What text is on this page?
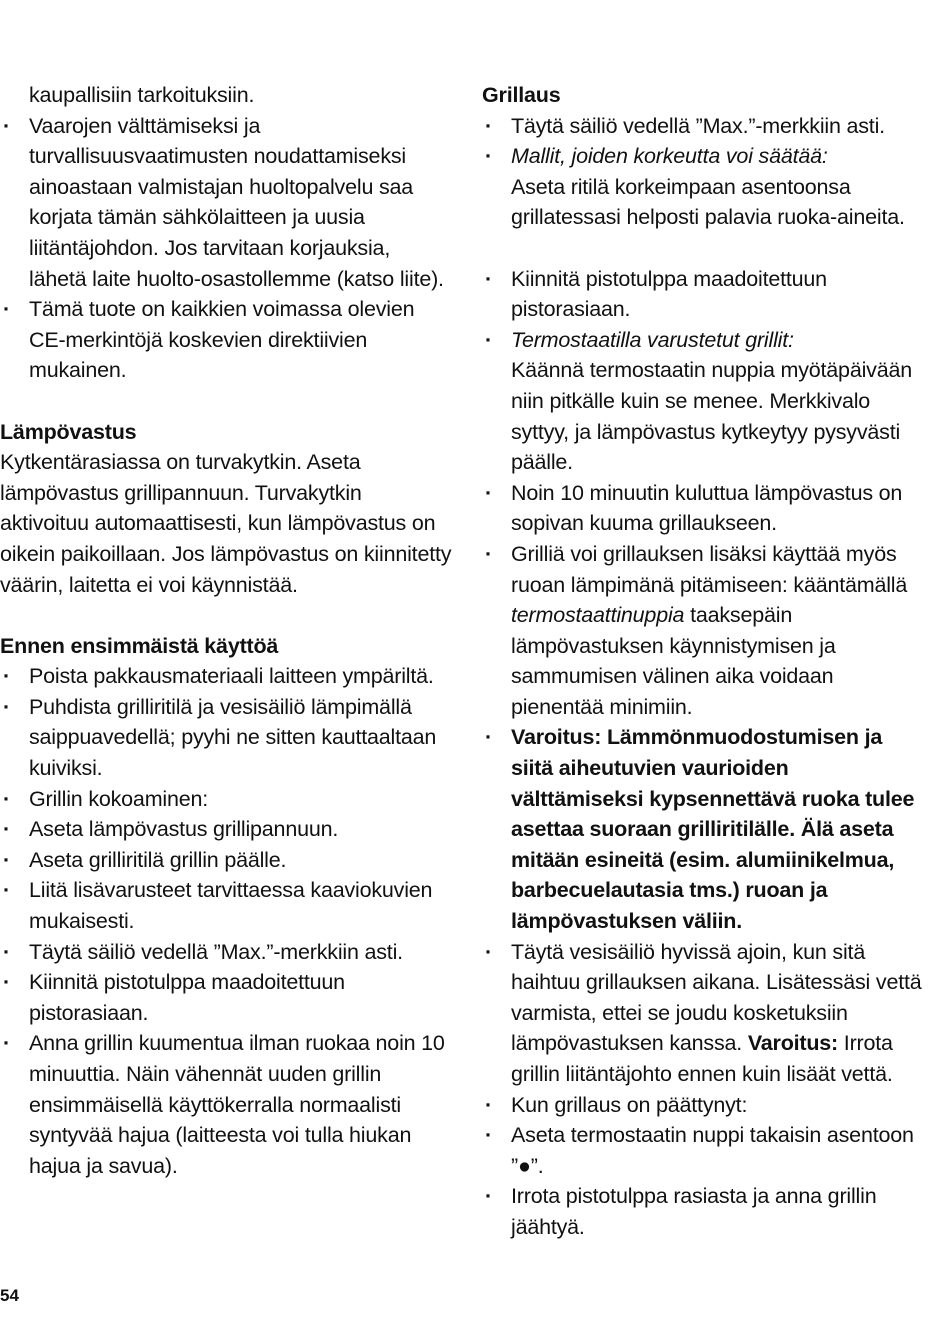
kaupallisiin tarkoituksiin.

· Vaarojen välttämiseksi ja turvallisuusvaatimusten noudattamiseksi ainoastaan valmistajan huoltopalvelu saa korjata tämän sähkölaitteen ja uusia liitäntäjohdon. Jos tarvitaan korjauksia, lähetä laite huolto-osastollemme (katso liite).

· Tämä tuote on kaikkien voimassa olevien CE-merkintöjä koskevien direktiivien mukainen.

Lämpövastus

Kytkentärasiassa on turvakytkin. Aseta lämpövastus grillipannuun. Turvakytkin aktivoituu automaattisesti, kun lämpövastus on oikein paikoillaan. Jos lämpövastus on kiinnitetty väärin, laitetta ei voi käynnistää.

Ennen ensimmäistä käyttöä

· Poista pakkausmateriaali laitteen ympäriltä.

· Puhdista grilliritilä ja vesisäiliö lämpimällä saippuavedellä; pyyhi ne sitten kauttaaltaan kuiviksi.

· Grillin kokoaminen:

· Aseta lämpövastus grillipannuun.

· Aseta grilliritilä grillin päälle.

· Liitä lisävarusteet tarvittaessa kaaviokuvien mukaisesti.

· Täytä säiliö vedellä ”Max.”-merkkiin asti.

· Kiinnitä pistotulppa maadoitettuun pistorasiaan.

· Anna grillin kuumentua ilman ruokaa noin 10 minuuttia. Näin vähennät uuden grillin ensimmäisellä käyttökerralla normaalisti syntyvää hajua (laitteesta voi tulla hiukan hajua ja savua).

Grillaus

· Täytä säiliö vedellä ”Max.”-merkkiin asti.

· Mallit, joiden korkeutta voi säätää:
Aseta ritilä korkeimpaan asentoonsa grillatessasi helposti palavia ruoka-aineita.

· Kiinnitä pistotulppa maadoitettuun pistorasiaan.

· Termostaatilla varustetut grillit:
Käännä termostaatin nuppia myötäpäivään niin pitkälle kuin se menee. Merkkivalo syttyy, ja lämpövastus kytkeytyy pysyvästi päälle.

· Noin 10 minuutin kuluttua lämpövastus on sopivan kuuma grillaukseen.

· Grilliä voi grillauksen lisäksi käyttää myös ruoan lämpimänä pitämiseen: kääntämällä termostaattinuppia taaksepäin lämpövastuksen käynnistymisen ja sammumisen välinen aika voidaan pienentää minimiin.

· Varoitus: Lämmönmuodostumisen ja siitä aiheutuvien vaurioiden välttämiseksi kypsennettävä ruoka tulee asettaa suoraan grilliritilälle. Älä aseta mitään esineitä (esim. alumiinikelmua, barbecuelautasia tms.) ruoan ja lämpövastuksen väliin.

· Täytä vesisäiliö hyvissä ajoin, kun sitä haihtuu grillauksen aikana. Lisätessäsi vettä varmista, ettei se joudu kosketuksiin lämpövastuksen kanssa. Varoitus: Irrota grillin liitäntäjohto ennen kuin lisäät vettä.

· Kun grillaus on päättynyt:

· Aseta termostaatin nuppi takaisin asentoon ”●”.

· Irrota pistotulppa rasiasta ja anna grillin jäähtyä.

54
